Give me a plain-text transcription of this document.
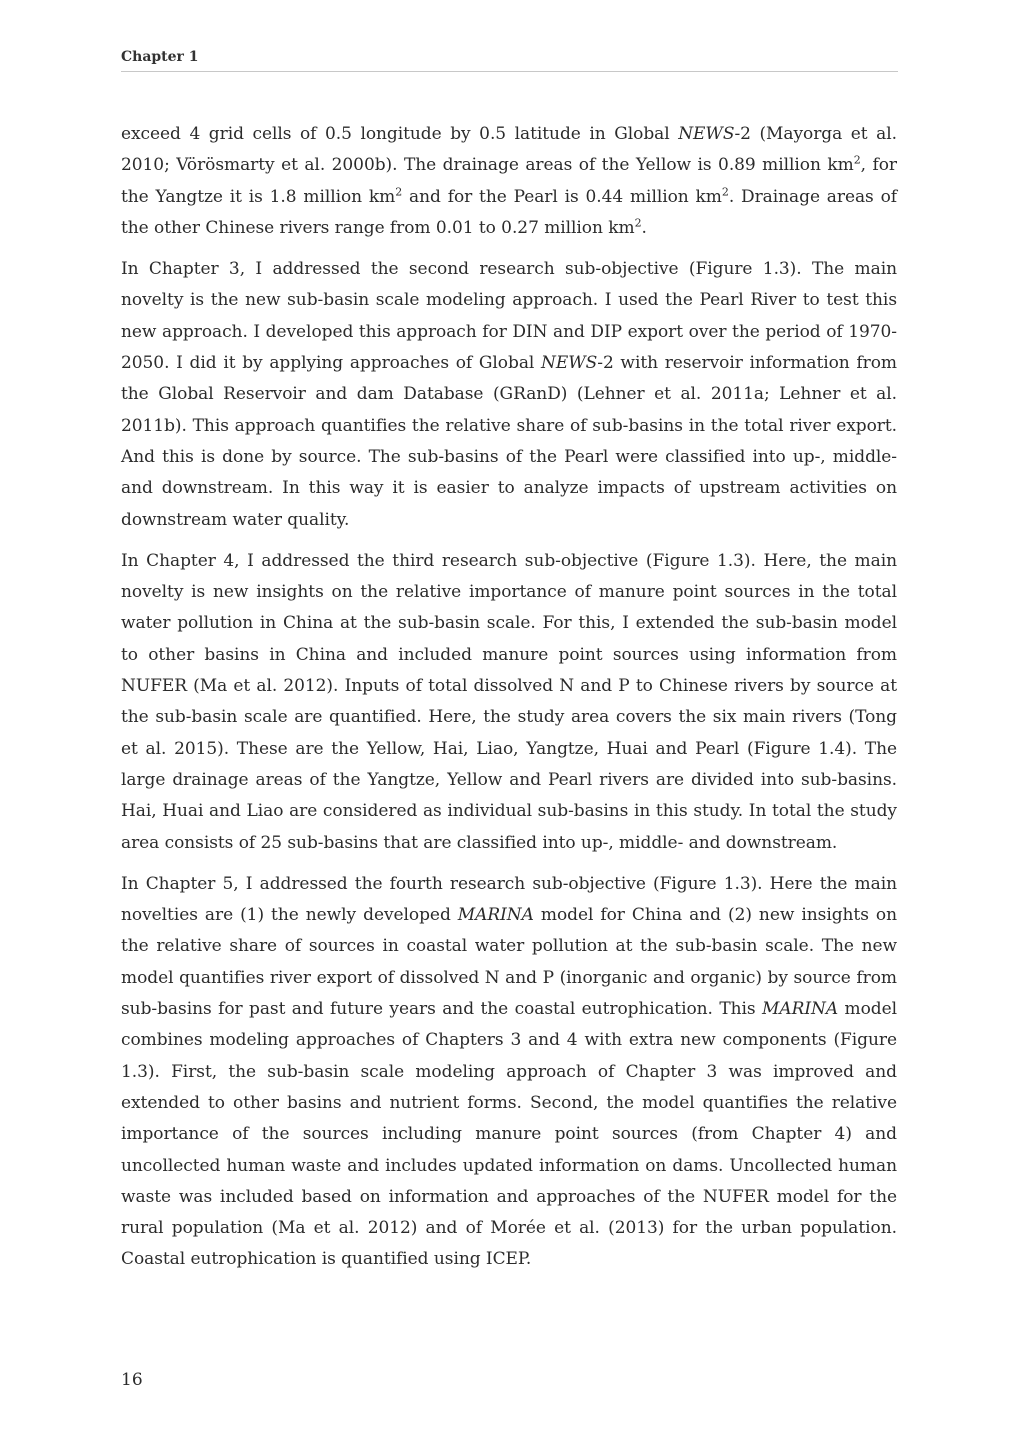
Chapter 1

exceed 4 grid cells of 0.5 longitude by 0.5 latitude in Global NEWS-2 (Mayorga et al. 2010; Vörösmarty et al. 2000b). The drainage areas of the Yellow is 0.89 million $km^2$, for the Yangtze it is 1.8 million $km^2$ and for the Pearl is 0.44 million $km^2$. Drainage areas of the other Chinese rivers range from 0.01 to 0.27 million $km^2$.

In Chapter 3, I addressed the second research sub-objective (Figure 1.3). The main novelty is the new sub-basin scale modeling approach. I used the Pearl River to test this new approach. I developed this approach for DIN and DIP export over the period of 1970-2050. I did it by applying approaches of Global NEWS-2 with reservoir information from the Global Reservoir and dam Database (GRanD) (Lehner et al. 2011a; Lehner et al. 2011b). This approach quantifies the relative share of sub-basins in the total river export. And this is done by source. The sub-basins of the Pearl were classified into up-, middle- and downstream. In this way it is easier to analyze impacts of upstream activities on downstream water quality.

In Chapter 4, I addressed the third research sub-objective (Figure 1.3). Here, the main novelty is new insights on the relative importance of manure point sources in the total water pollution in China at the sub-basin scale. For this, I extended the sub-basin model to other basins in China and included manure point sources using information from NUFER (Ma et al. 2012). Inputs of total dissolved N and P to Chinese rivers by source at the sub-basin scale are quantified. Here, the study area covers the six main rivers (Tong et al. 2015). These are the Yellow, Hai, Liao, Yangtze, Huai and Pearl (Figure 1.4). The large drainage areas of the Yangtze, Yellow and Pearl rivers are divided into sub-basins. Hai, Huai and Liao are considered as individual sub-basins in this study. In total the study area consists of 25 sub-basins that are classified into up-, middle- and downstream.

In Chapter 5, I addressed the fourth research sub-objective (Figure 1.3). Here the main novelties are (1) the newly developed MARINA model for China and (2) new insights on the relative share of sources in coastal water pollution at the sub-basin scale. The new model quantifies river export of dissolved N and P (inorganic and organic) by source from sub-basins for past and future years and the coastal eutrophication. This MARINA model combines modeling approaches of Chapters 3 and 4 with extra new components (Figure 1.3). First, the sub-basin scale modeling approach of Chapter 3 was improved and extended to other basins and nutrient forms. Second, the model quantifies the relative importance of the sources including manure point sources (from Chapter 4) and uncollected human waste and includes updated information on dams. Uncollected human waste was included based on information and approaches of the NUFER model for the rural population (Ma et al. 2012) and of Morée et al. (2013) for the urban population. Coastal eutrophication is quantified using ICEP.

16
